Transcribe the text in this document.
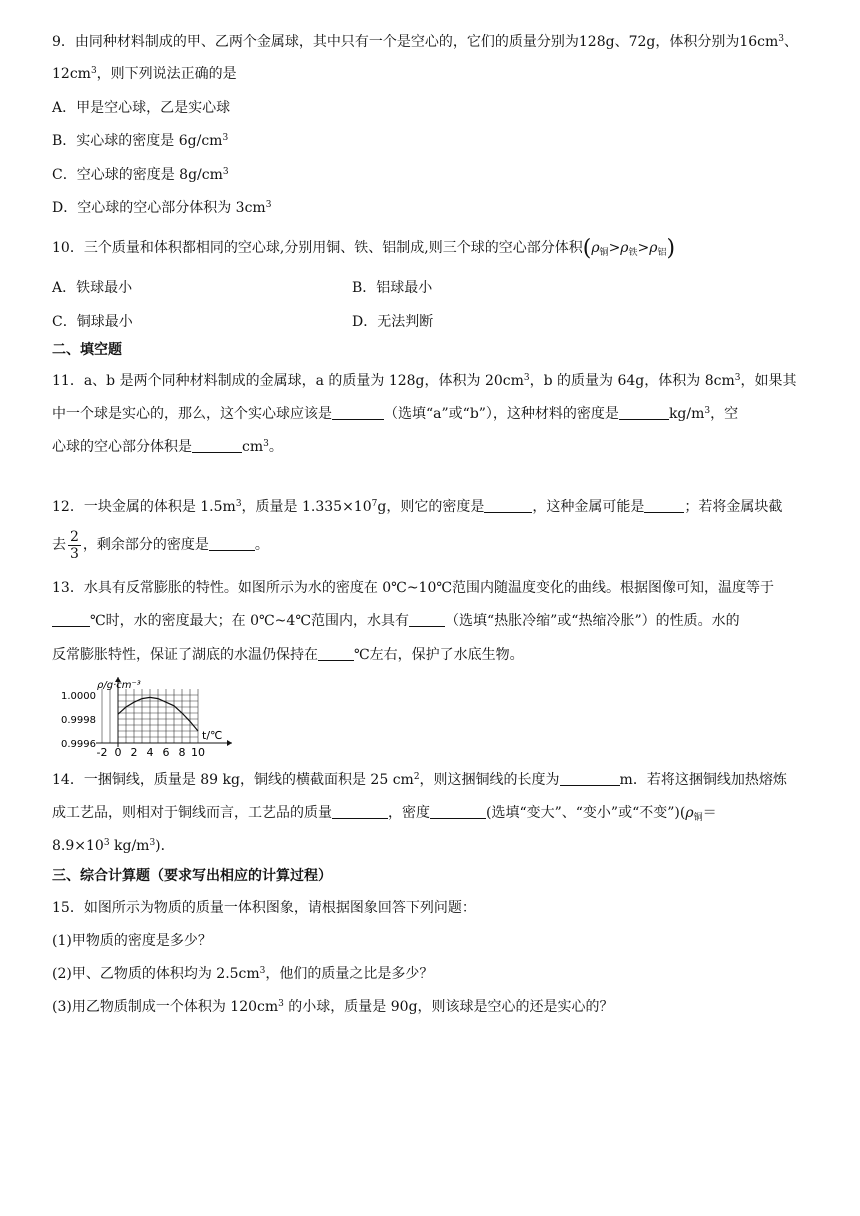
9．由同种材料制成的甲、乙两个金属球，其中只有一个是空心的，它们的质量分别为128g、72g，体积分别为$16cm^3$、
$12cm^3$，则下列说法正确的是
A．甲是空心球，乙是实心球
B．实心球的密度是 $6g/cm^3$
C．空心球的密度是 $8g/cm^3$
D．空心球的空心部分体积为 $3cm^3$
10．三个质量和体积都相同的空心球,分别用铜、铁、铝制成,则三个球的空心部分体积$(\rho_铜>\rho_铁>\rho_铝)$
A．铁球最小	B．铝球最小
C．铜球最小	D．无法判断
二、填空题
11．a、b 是两个同种材料制成的金属球，a 的质量为 128g，体积为 $20cm^3$，b 的质量为 64g，体积为 $8cm^3$，如果其
中一个球是实心的，那么，这个实心球应该是	（选填“a”或“b”），这种材料的密度是	$kg/m^3$，空
心球的空心部分体积是	$cm^3$。
12．一块金属的体积是 $1.5m^3$，质量是 $1.335\times 10^7g$，则它的密度是	，这种金属可能是	；若将金属块截
去 $\frac{2}{3}$ ，剩余部分的密度是	。
13．水具有反常膨胀的特性。如图所示为水的密度在 0℃~10℃范围内随温度变化的曲线。根据图像可知，温度等于
℃时，水的密度最大；在 0℃~4℃范围内，水具有	（选填“热胀冷缩”或“热缩冷胀”）的性质。水的
反常膨胀特性，保证了湖底的水温仍保持在	℃左右，保护了水底生物。
-2 0 2 4 6 8 10
1.0000
0.9998
0.9996
ρ/g·cm⁻³
t/℃
14．一捆铜线，质量是 89 kg，铜线的横截面积是 25 $cm^2$，则这捆铜线的长度为	m．若将这捆铜线加热熔炼
成工艺品，则相对于铜线而言，工艺品的质量	，密度	(选填“变大”、“变小”或“不变$”)(\rho_铜=$
$8.9\times 10^3$ $kg/m^3$)．
三、综合计算题（要求写出相应的计算过程）
15．如图所示为物质的质量一体积图象，请根据图象回答下列问题：
(1)甲物质的密度是多少？
(2)甲、乙物质的体积均为 $2.5cm^3$，他们的质量之比是多少？
(3)用乙物质制成一个体积为 $120cm^3$ 的小球，质量是 90g，则该球是空心的还是实心的？
